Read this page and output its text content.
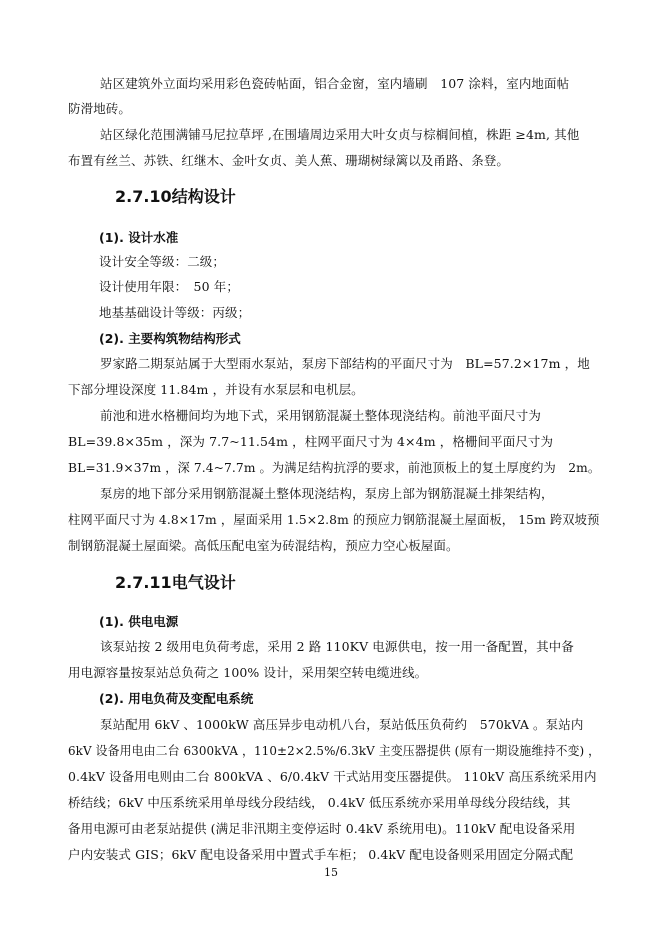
站区建筑外立面均采用彩色瓷砖帖面，铝合金窗，室内墙刷　107 涂料，室内地面帖
防滑地砖。
站区绿化范围满铺马尼拉草坪 ,在围墙周边采用大叶女贞与棕榈间植，株距 ≥4m, 其他
布置有丝兰、苏铁、红继木、金叶女贞、美人蕉、珊瑚树绿篱以及甬路、条登。
2.7.10结构设计
(1). 设计水准
设计安全等级：二级；
设计使用年限：　50 年；
地基基础设计等级：丙级；
(2). 主要构筑物结构形式
罗家路二期泵站属于大型雨水泵站，泵房下部结构的平面尺寸为　BL=57.2×17m ，地
下部分埋设深度 11.84m ，并设有水泵层和电机层。
前池和进水格栅间均为地下式，采用钢筋混凝土整体现浇结构。前池平面尺寸为
BL=39.8×35m ，深为 7.7~11.54m ，柱网平面尺寸为 4×4m ，格栅间平面尺寸为
BL=31.9×37m ，深 7.4~7.7m 。为满足结构抗浮的要求，前池顶板上的复土厚度约为　2m。
泵房的地下部分采用钢筋混凝土整体现浇结构，泵房上部为钢筋混凝土排架结构，
柱网平面尺寸为 4.8×17m ，屋面采用 1.5×2.8m 的预应力钢筋混凝土屋面板， 15m 跨双坡预
制钢筋混凝土屋面梁。高低压配电室为砖混结构，预应力空心板屋面。
2.7.11电气设计
(1). 供电电源
该泵站按 2 级用电负荷考虑，采用 2 路 110KV 电源供电，按一用一备配置，其中备
用电源容量按泵站总负荷之 100% 设计，采用架空转电缆进线。
(2). 用电负荷及变配电系统
泵站配用 6kV 、1000kW 高压异步电动机八台，泵站低压负荷约　570kVA 。泵站内
6kV 设备用电由二台 6300kVA ，110±2×2.5%/6.3kV 主变压器提供 (原有一期设施维持不变) ，
0.4kV 设备用电则由二台 800kVA 、6/0.4kV 干式站用变压器提供。 110kV 高压系统采用内
桥结线；6kV 中压系统采用单母线分段结线， 0.4kV 低压系统亦采用单母线分段结线，其
备用电源可由老泵站提供 (满足非汛期主变停运时 0.4kV 系统用电)。110kV 配电设备采用
户内安装式 GIS；6kV 配电设备采用中置式手车柜； 0.4kV 配电设备则采用固定分隔式配
15
